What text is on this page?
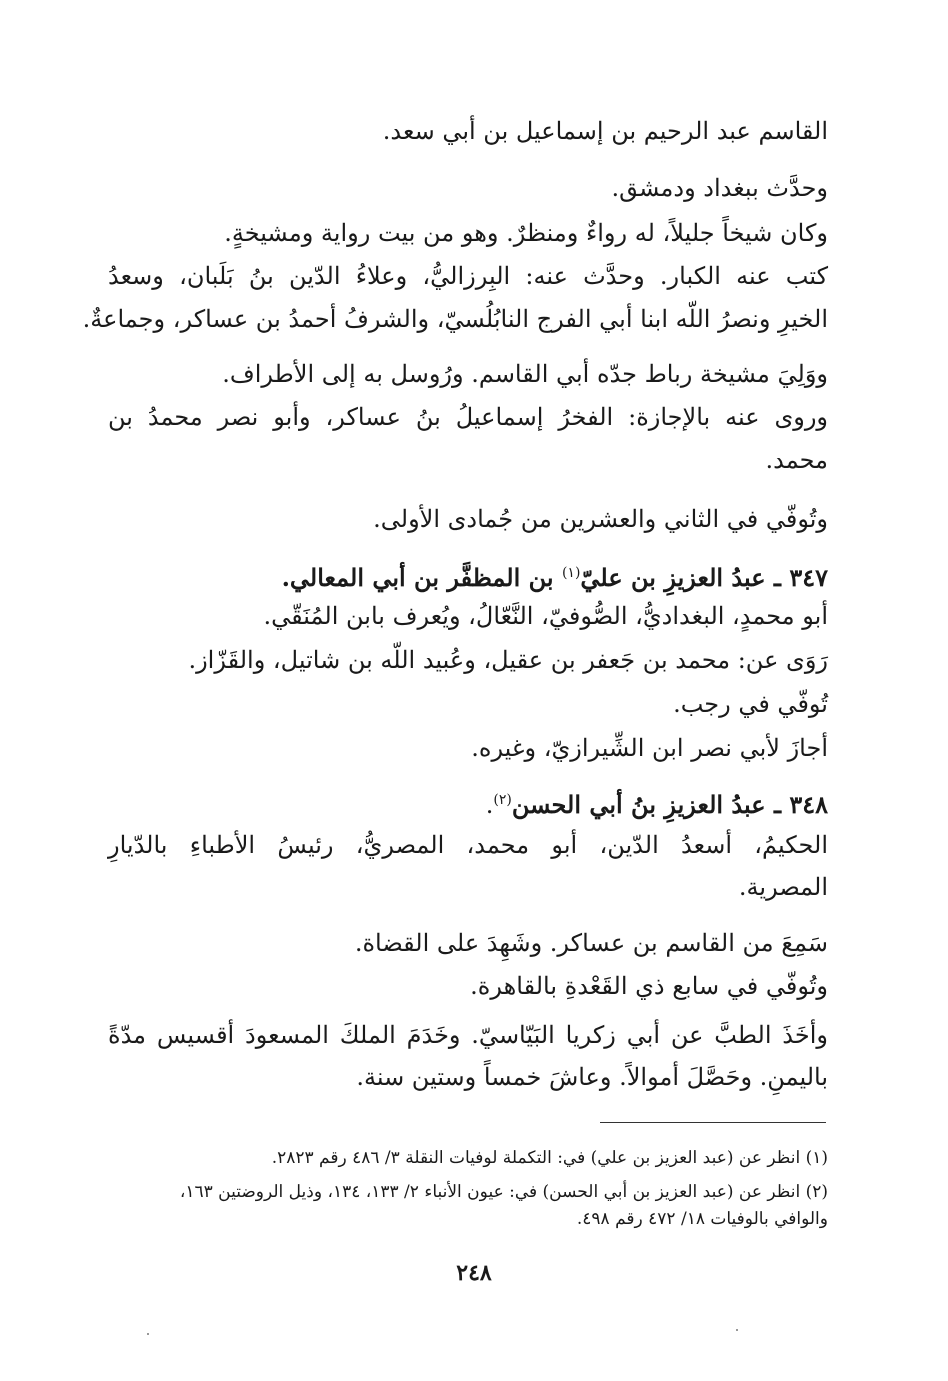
القاسم عبد الرحيم بن إسماعيل بن أبي سعد.
وحدَّث ببغداد ودمشق.
وكان شيخاً جليلاً، له رواءٌ ومنظرٌ. وهو من بيت رواية ومشيخةٍ.
كتب عنه الكبار. وحدَّث عنه: البِرزاليُّ، وعلاءُ الدّين بنُ بَلَبان، وسعدُ
الخيرِ ونصرُ اللّه ابنا أبي الفرج النابُلُسيّ، والشرفُ أحمدُ بن عساكر، وجماعةٌ.
ووَلِيَ مشيخة رباط جدّه أبي القاسم. ورُوسل به إلى الأطراف.
وروى عنه بالإجازة: الفخرُ إسماعيلُ بنُ عساكر، وأبو نصر محمدُ بن
محمد.
وتُوفّي في الثاني والعشرين من جُمادى الأولى.
٣٤٧ ـ عبدُ العزيزِ بن عليّ$^{(١)}$ بن المظفَّر بن أبي المعالي.
أبو محمدٍ، البغداديُّ، الصُّوفيّ، النَّعّالُ، ويُعرف بابن المُنَقّي.
رَوَى عن: محمد بن جَعفر بن عقيل، وعُبيد اللّه بن شاتيل، والقَزّاز.
تُوفّي في رجب.
أجازَ لأبي نصر ابن الشِّيرازيّ، وغيره.
٣٤٨ ـ عبدُ العزيزِ بنُ أبي الحسن$^{(٢)}$.
الحكيمُ، أسعدُ الدّين، أبو محمد، المصريُّ، رئيسُ الأطباءِ بالدّيارِ
المصرية.
سَمِعَ من القاسم بن عساكر. وشَهِدَ على القضاة.
وتُوفّي في سابع ذي القَعْدةِ بالقاهرة.
وأخَذَ الطبَّ عن أبي زكريا البَيّاسيّ. وخَدَمَ الملكَ المسعودَ أقسيس مدّةً
باليمنِ. وحَصَّلَ أموالاً. وعاشَ خمساً وستين سنة.
(١) انظر عن (عبد العزيز بن علي) في: التكملة لوفيات النقلة ٣/ ٤٨٦ رقم ٢٨٢٣.
(٢) انظر عن (عبد العزيز بن أبي الحسن) في: عيون الأنباء ٢/ ١٣٣، ١٣٤، وذيل الروضتين ١٦٣،
والوافي بالوفيات ١٨/ ٤٧٢ رقم ٤٩٨.
٢٤٨
